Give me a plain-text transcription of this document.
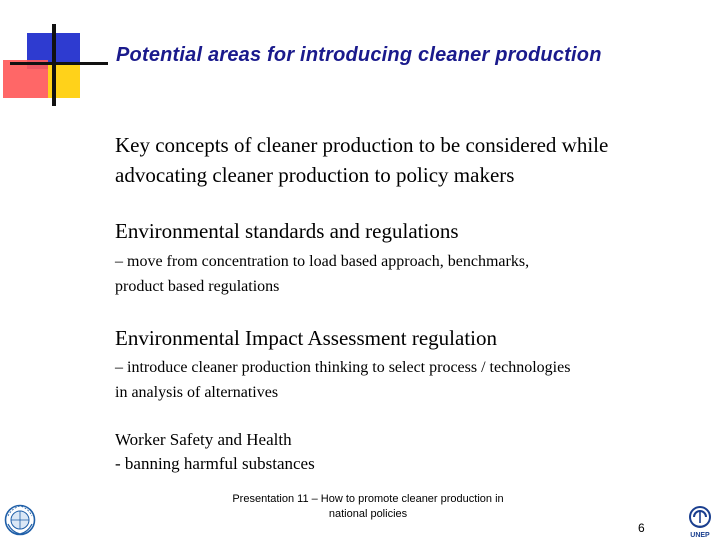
Potential areas for introducing cleaner production

Key concepts of cleaner production to be considered while

advocating cleaner production to policy makers

Environmental standards and regulations

– move from concentration to load based approach, benchmarks,

product based regulations

Environmental Impact Assessment regulation

– introduce cleaner production thinking to select process / technologies

in analysis of alternatives

Worker Safety and Health

- banning harmful substances

Presentation 11 – How to promote cleaner production in
national policies
6
UNEP
